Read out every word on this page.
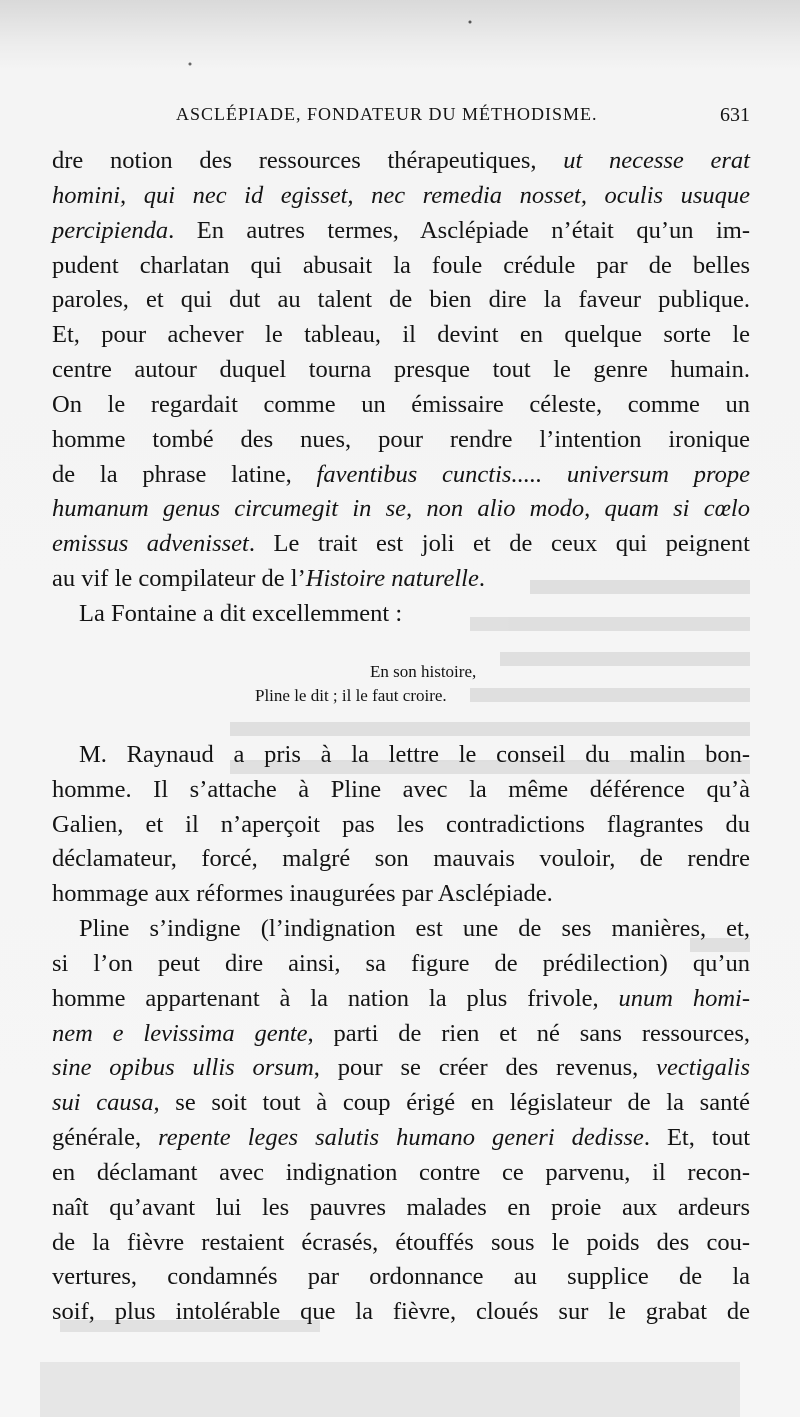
ASCLÉPIADE, FONDATEUR DU MÉTHODISME.	631
dre notion des ressources thérapeutiques, ut necesse erat
homini, qui nec id egisset, nec remedia nosset, oculis usuque
percipienda. En autres termes, Asclépiade n’était qu’un im-
pudent charlatan qui abusait la foule crédule par de belles
paroles, et qui dut au talent de bien dire la faveur publique.
Et, pour achever le tableau, il devint en quelque sorte le
centre autour duquel tourna presque tout le genre humain.
On le regardait comme un émissaire céleste, comme un
homme tombé des nues, pour rendre l’intention ironique
de la phrase latine, faventibus cunctis..... universum prope
humanum genus circumegit in se, non alio modo, quam si cœlo
emissus advenisset. Le trait est joli et de ceux qui peignent
au vif le compilateur de l’Histoire naturelle.
La Fontaine a dit excellemment :
En son histoire,
Pline le dit ; il le faut croire.
M. Raynaud a pris à la lettre le conseil du malin bon-
homme. Il s’attache à Pline avec la même déférence qu’à
Galien, et il n’aperçoit pas les contradictions flagrantes du
déclamateur, forcé, malgré son mauvais vouloir, de rendre
hommage aux réformes inaugurées par Asclépiade.
Pline s’indigne (l’indignation est une de ses manières, et,
si l’on peut dire ainsi, sa figure de prédilection) qu’un
homme appartenant à la nation la plus frivole, unum homi-
nem e levissima gente, parti de rien et né sans ressources,
sine opibus ullis orsum, pour se créer des revenus, vectigalis
sui causa, se soit tout à coup érigé en législateur de la santé
générale, repente leges salutis humano generi dedisse. Et, tout
en déclamant avec indignation contre ce parvenu, il recon-
naît qu’avant lui les pauvres malades en proie aux ardeurs
de la fièvre restaient écrasés, étouffés sous le poids des cou-
vertures, condamnés par ordonnance au supplice de la
soif, plus intolérable que la fièvre, cloués sur le grabat de
